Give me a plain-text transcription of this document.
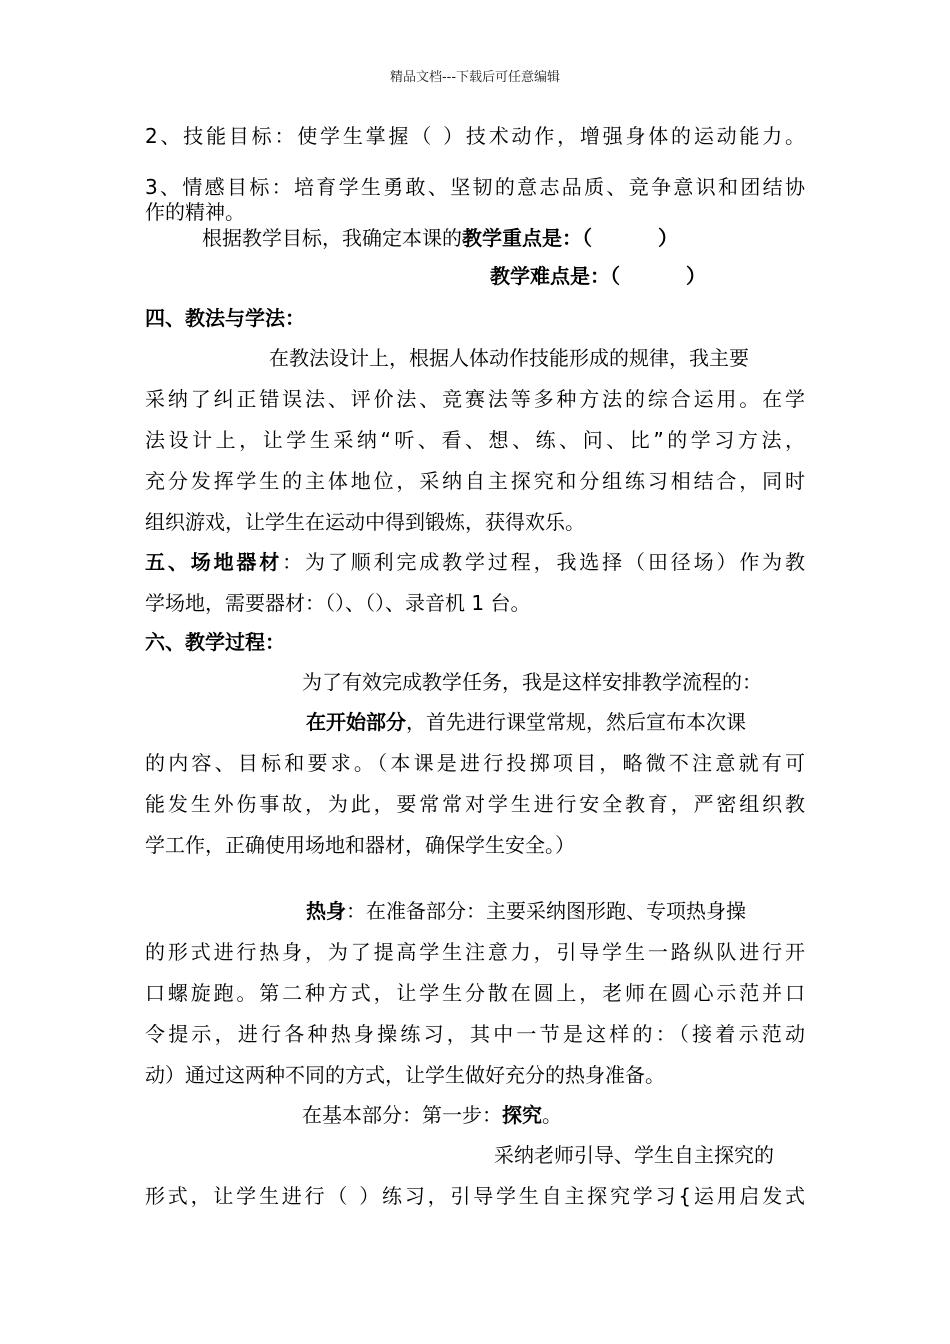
精品文档---下载后可任意编辑
2、技能目标：使学生掌握（ ）技术动作，增强身体的运动能力。
3、情感目标：培育学生勇敢、坚韧的意志品质、竞争意识和团结协
作的精神。
根据教学目标，我确定本课的教学重点是：（	）
教学难点是：（	）
四、教法与学法：
在教法设计上，根据人体动作技能形成的规律，我主要
采纳了纠正错误法、评价法、竞赛法等多种方法的综合运用。在学
法设计上，让学生采纳“听、看、想、练、问、比”的学习方法，
充分发挥学生的主体地位，采纳自主探究和分组练习相结合，同时
组织游戏，让学生在运动中得到锻炼，获得欢乐。
五、场地器材：为了顺利完成教学过程，我选择（田径场）作为教
学场地，需要器材：（）、（）、录音机 1 台。
六、教学过程：
为了有效完成教学任务，我是这样安排教学流程的：
在开始部分，首先进行课堂常规，然后宣布本次课
的内容、目标和要求。（本课是进行投掷项目，略微不注意就有可
能发生外伤事故，为此，要常常对学生进行安全教育，严密组织教
学工作，正确使用场地和器材，确保学生安全。）
热身：在准备部分：主要采纳图形跑、专项热身操
的形式进行热身，为了提高学生注意力，引导学生一路纵队进行开
口螺旋跑。第二种方式，让学生分散在圆上，老师在圆心示范并口
令提示，进行各种热身操练习，其中一节是这样的：（接着示范动
动）通过这两种不同的方式，让学生做好充分的热身准备。
在基本部分：第一步：探究。
采纳老师引导、学生自主探究的
形式，让学生进行（ ）练习，引导学生自主探究学习{运用启发式
